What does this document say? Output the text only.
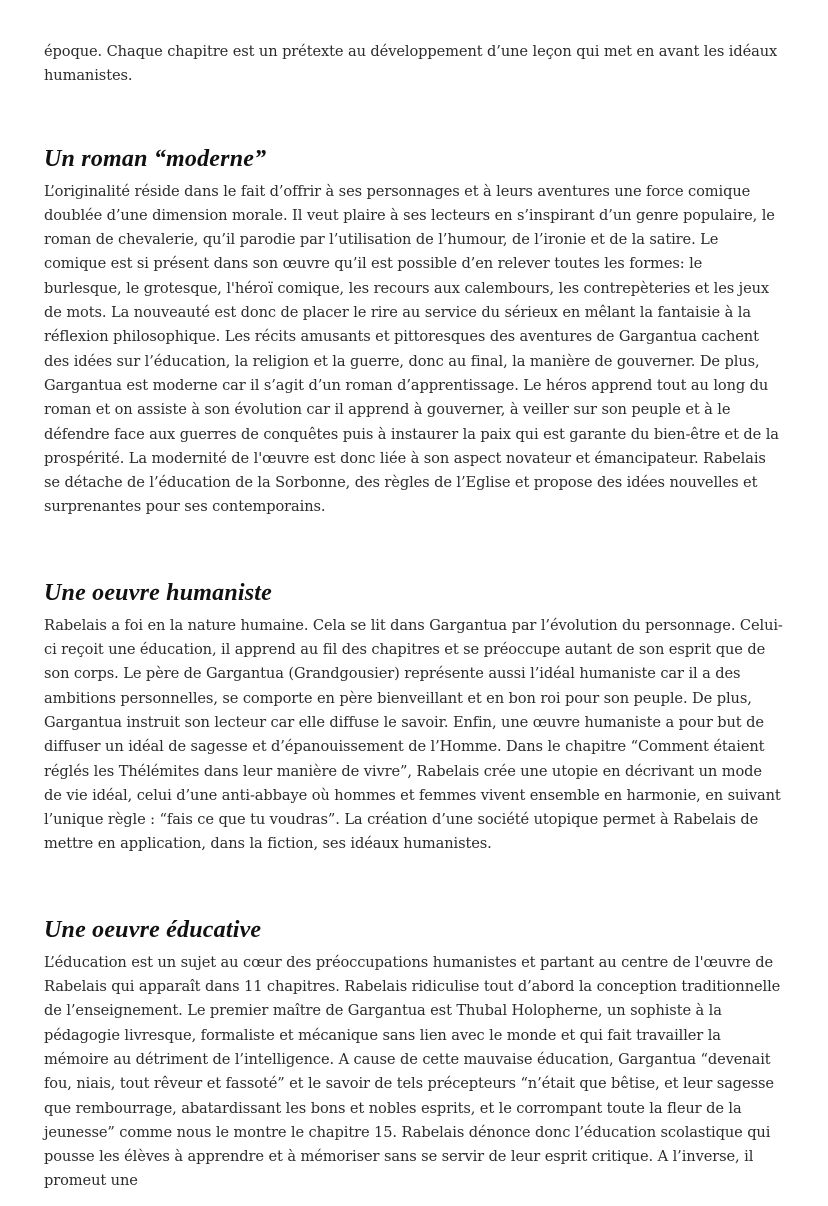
époque. Chaque chapitre est un prétexte au développement d’une leçon qui met en avant les idéaux humanistes.

Un roman “moderne”

L’originalité réside dans le fait d’offrir à ses personnages et à leurs aventures une force comique doublée d’une dimension morale. Il veut plaire à ses lecteurs en s’inspirant d’un genre populaire, le roman de chevalerie, qu’il parodie par l’utilisation de l’humour, de l’ironie et de la satire. Le comique est si présent dans son œuvre qu’il est possible d’en relever toutes les formes: le burlesque, le grotesque, l'héroï comique, les recours aux calembours, les contrepèteries et les jeux de mots. La nouveauté est donc de placer le rire au service du sérieux en mêlant la fantaisie à la réflexion philosophique. Les récits amusants et pittoresques des aventures de Gargantua cachent des idées sur l’éducation, la religion et la guerre, donc au final, la manière de gouverner. De plus, Gargantua est moderne car il s’agit d’un roman d’apprentissage. Le héros apprend tout au long du roman et on assiste à son évolution car il apprend à gouverner, à veiller sur son peuple et à le défendre face aux guerres de conquêtes puis à instaurer la paix qui est garante du bien-être et de la prospérité. La modernité de l'œuvre est donc liée à son aspect novateur et émancipateur. Rabelais se détache de l’éducation de la Sorbonne, des règles de l’Eglise et propose des idées nouvelles et surprenantes pour ses contemporains.

Une oeuvre humaniste

Rabelais a foi en la nature humaine. Cela se lit dans Gargantua par l’évolution du personnage. Celui-ci reçoit une éducation, il apprend au fil des chapitres et se préoccupe autant de son esprit que de son corps. Le père de Gargantua (Grandgousier) représente aussi l’idéal humaniste car il a des ambitions personnelles, se comporte en père bienveillant et en bon roi pour son peuple. De plus, Gargantua instruit son lecteur car elle diffuse le savoir. Enfin, une œuvre humaniste a pour but de diffuser un idéal de sagesse et d’épanouissement de l’Homme. Dans le chapitre “Comment étaient réglés les Thélémites dans leur manière de vivre”, Rabelais crée une utopie en décrivant un mode de vie idéal, celui d’une anti-abbaye où hommes et femmes vivent ensemble en harmonie, en suivant l’unique règle : “fais ce que tu voudras”. La création d’une société utopique permet à Rabelais de mettre en application, dans la fiction, ses idéaux humanistes.

Une oeuvre éducative

L’éducation est un sujet au cœur des préoccupations humanistes et partant au centre de l'œuvre de Rabelais qui apparaît dans 11 chapitres. Rabelais ridiculise tout d’abord la conception traditionnelle de l’enseignement. Le premier maître de Gargantua est Thubal Holopherne, un sophiste à la pédagogie livresque, formaliste et mécanique sans lien avec le monde et qui fait travailler la mémoire au détriment de l’intelligence. A cause de cette mauvaise éducation, Gargantua “devenait fou, niais, tout rêveur et fassoté” et le savoir de tels précepteurs “n’était que bêtise, et leur sagesse que rembourrage, abatardissant les bons et nobles esprits, et le corrompant toute la fleur de la jeunesse” comme nous le montre le chapitre 15. Rabelais dénonce donc l’éducation scolastique qui pousse les élèves à apprendre et à mémoriser sans se servir de leur esprit critique. A l’inverse, il promeut une
